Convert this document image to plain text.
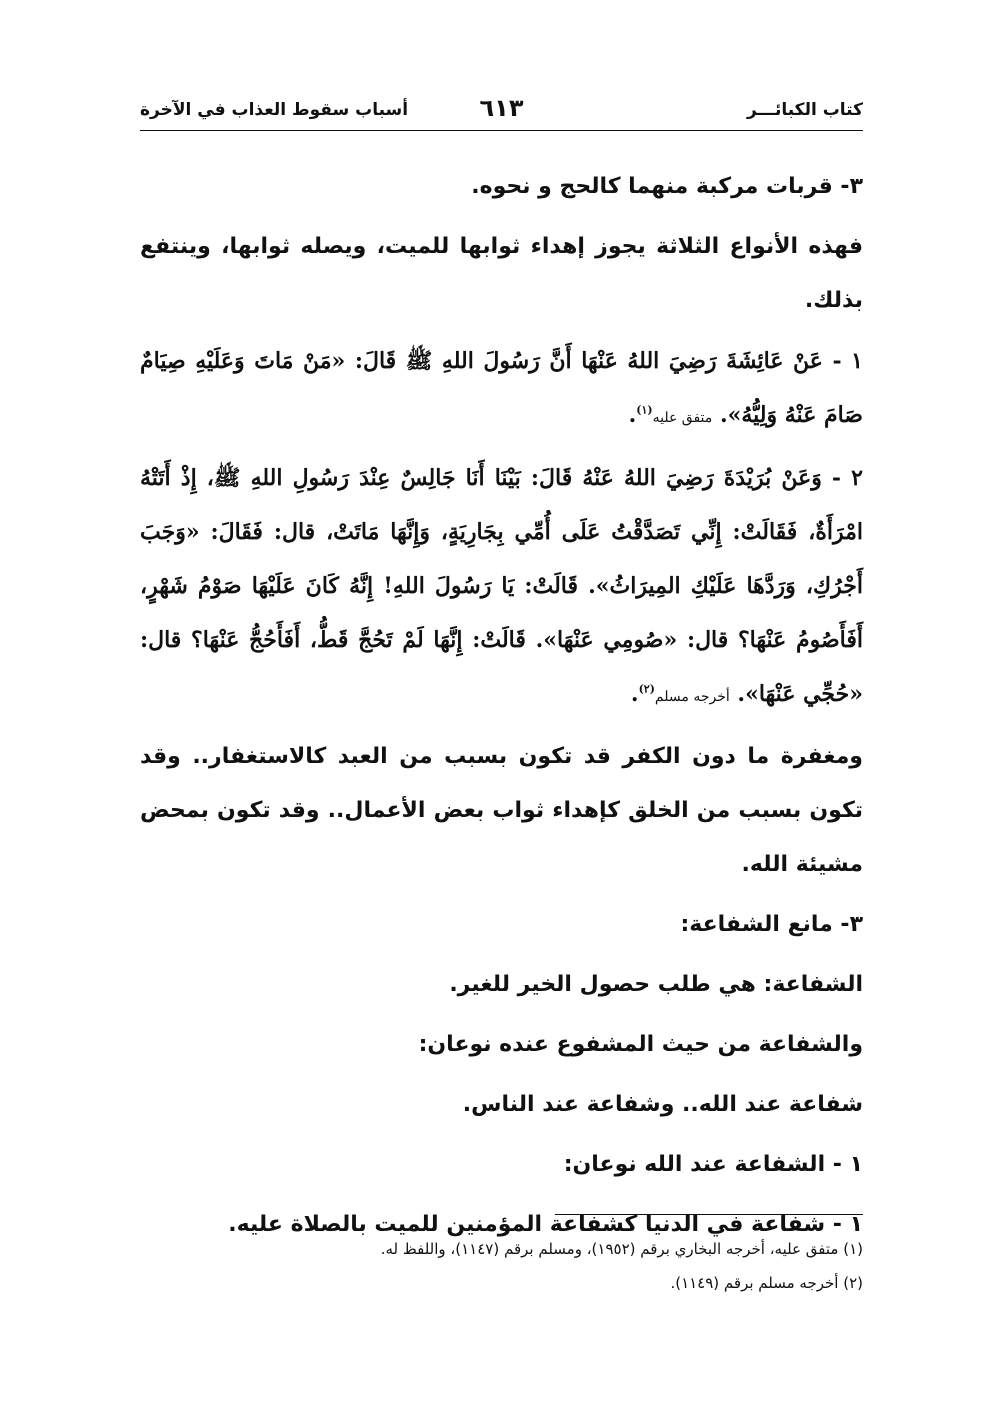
كتاب الكبائـــر
٦١٣
أسباب سقوط العذاب في الآخرة

٣- قربات مركبة منهما كالحج و نحوه.

فهذه الأنواع الثلاثة يجوز إهداء ثوابها للميت، ويصله ثوابها، وينتفع بذلك.

١ - عَنْ عَائِشَةَ رَضِيَ اللهُ عَنْهَا أَنَّ رَسُولَ اللهِ ﷺ قَالَ: «مَنْ مَاتَ وَعَلَيْهِ صِيَامٌ صَامَ عَنْهُ وَلِيُّهُ». متفق عليه$^{(١)}$.

٢ - وَعَنْ بُرَيْدَةَ رَضِيَ اللهُ عَنْهُ قَالَ: بَيْنَا أَنَا جَالِسٌ عِنْدَ رَسُولِ اللهِ ﷺ، إِذْ أَتَتْهُ امْرَأَةٌ، فَقَالَتْ: إِنِّي تَصَدَّقْتُ عَلَى أُمِّي بِجَارِيَةٍ، وَإِنَّهَا مَاتَتْ، قال: فَقَالَ: «وَجَبَ أَجْرُكِ، وَرَدَّهَا عَلَيْكِ المِيرَاثُ». قَالَتْ: يَا رَسُولَ اللهِ! إِنَّهُ كَانَ عَلَيْهَا صَوْمُ شَهْرٍ، أَفَأَصُومُ عَنْهَا؟ قال: «صُومِي عَنْهَا». قَالَتْ: إِنَّهَا لَمْ تَحُجَّ قَطُّ، أَفَأَحُجُّ عَنْهَا؟ قال: «حُجِّي عَنْهَا». أخرجه مسلم$^{(٢)}$.

ومغفرة ما دون الكفر قد تكون بسبب من العبد كالاستغفار.. وقد تكون بسبب من الخلق كإهداء ثواب بعض الأعمال.. وقد تكون بمحض مشيئة الله.

٣- مانع الشفاعة:

الشفاعة: هي طلب حصول الخير للغير.

والشفاعة من حيث المشفوع عنده نوعان:

شفاعة عند الله.. وشفاعة عند الناس.

١ - الشفاعة عند الله نوعان:

١ - شفاعة في الدنيا كشفاعة المؤمنين للميت بالصلاة عليه.

(١) متفق عليه، أخرجه البخاري برقم (١٩٥٢)، ومسلم برقم (١١٤٧)، واللفظ له.

(٢) أخرجه مسلم برقم (١١٤٩).
